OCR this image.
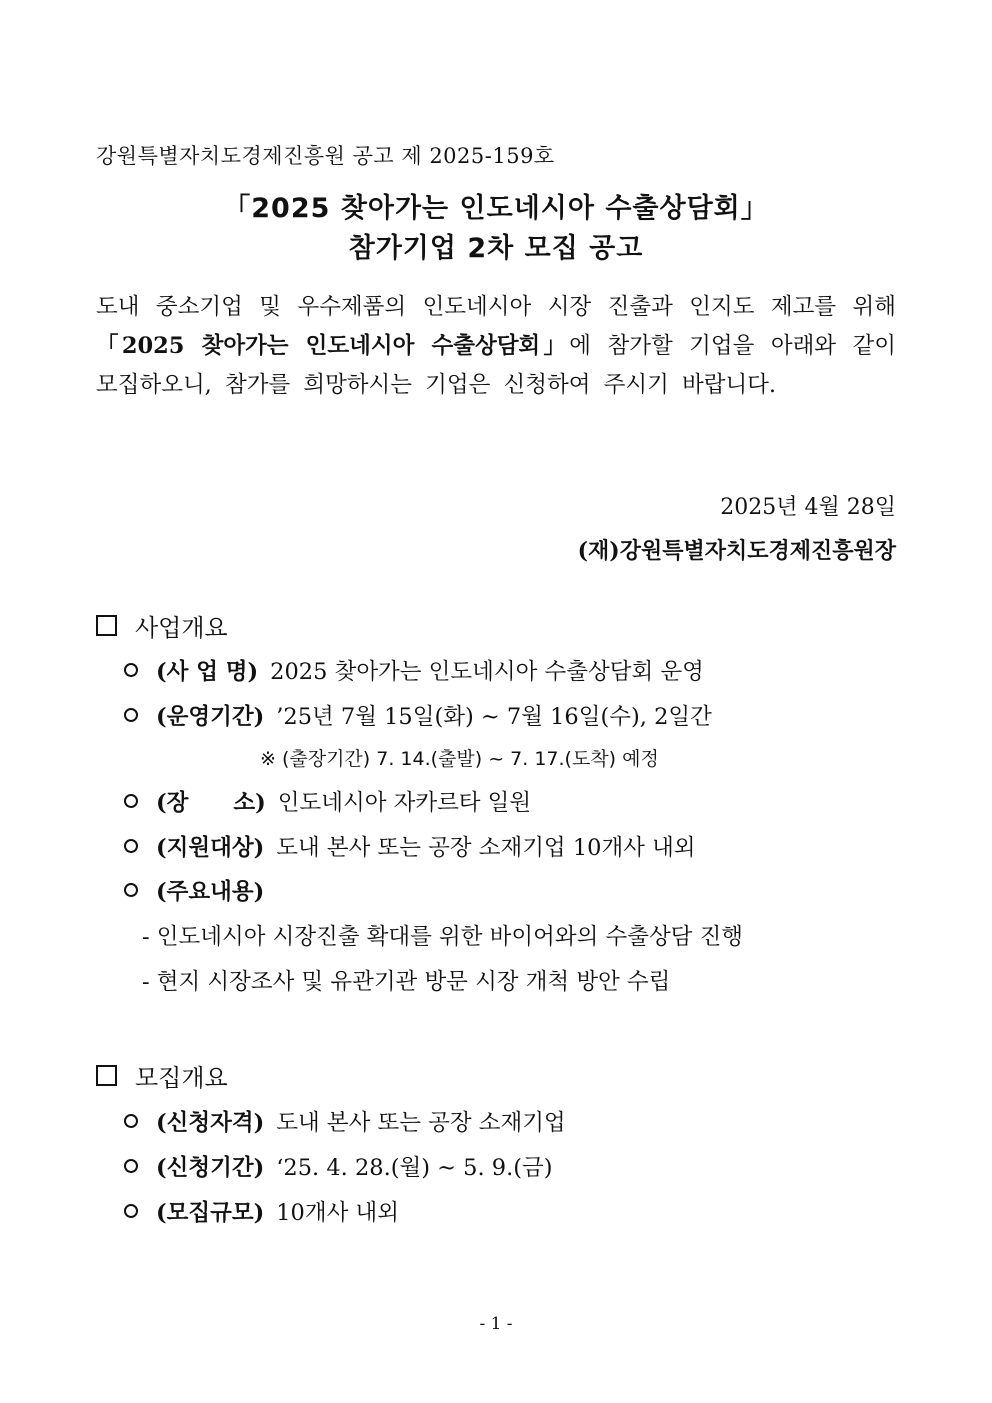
강원특별자치도경제진흥원 공고 제 2025-159호
「2025 찾아가는 인도네시아 수출상담회」
참가기업 2차 모집 공고
도내 중소기업 및 우수제품의 인도네시아 시장 진출과 인지도 제고를 위해 「2025 찾아가는 인도네시아 수출상담회」에 참가할 기업을 아래와 같이 모집하오니, 참가를 희망하시는 기업은 신청하여 주시기 바랍니다.
2025년 4월 28일
(재)강원특별자치도경제진흥원장
사업개요
(사 업 명) 2025 찾아가는 인도네시아 수출상담회 운영
(운영기간) ’25년 7월 15일(화) ~ 7월 16일(수), 2일간
※ (출장기간) 7. 14.(출발) ~ 7. 17.(도착) 예정
(장　　소) 인도네시아 자카르타 일원
(지원대상) 도내 본사 또는 공장 소재기업 10개사 내외
(주요내용)
- 인도네시아 시장진출 확대를 위한 바이어와의 수출상담 진행
- 현지 시장조사 및 유관기관 방문 시장 개척 방안 수립
모집개요
(신청자격) 도내 본사 또는 공장 소재기업
(신청기간) ‘25. 4. 28.(월) ~ 5. 9.(금)
(모집규모) 10개사 내외
- 1 -
